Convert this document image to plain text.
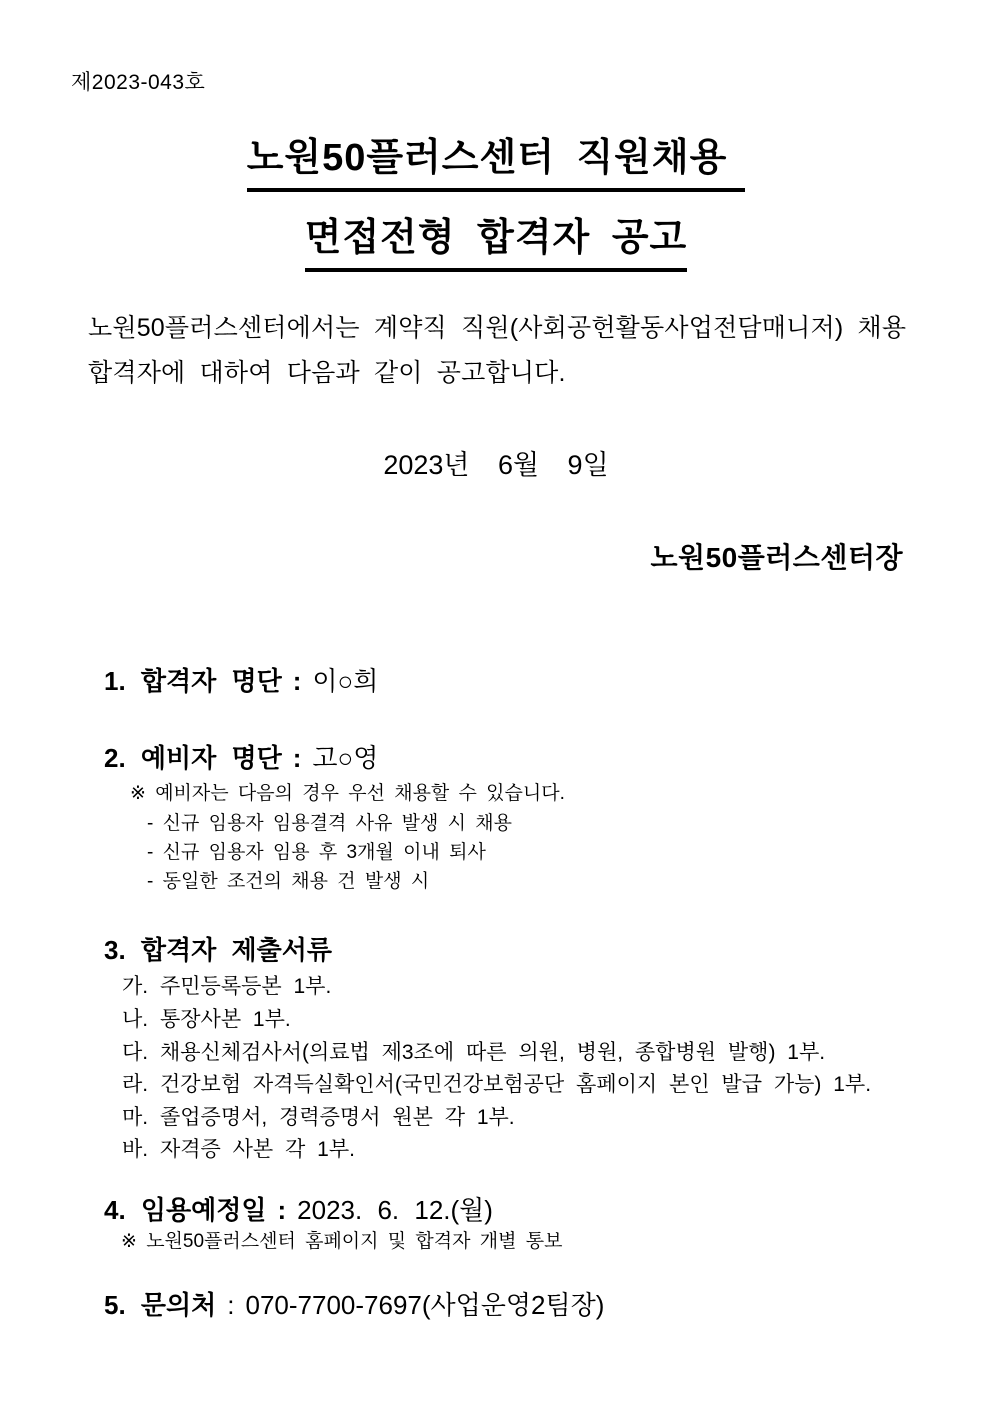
제2023-043호
노원50플러스센터 직원채용
면접전형 합격자 공고
노원50플러스센터에서는 계약직 직원(사회공헌활동사업전담매니저) 채용
합격자에 대하여 다음과 같이 공고합니다.
2023년 6월 9일
노원50플러스센터장
1. 합격자 명단 : 이○희
2. 예비자 명단 : 고○영
※ 예비자는 다음의 경우 우선 채용할 수 있습니다.
- 신규 임용자 임용결격 사유 발생 시 채용
- 신규 임용자 임용 후 3개월 이내 퇴사
- 동일한 조건의 채용 건 발생 시
3. 합격자 제출서류
가. 주민등록등본 1부.
나. 통장사본 1부.
다. 채용신체검사서(의료법 제3조에 따른 의원, 병원, 종합병원 발행) 1부.
라. 건강보험 자격득실확인서(국민건강보험공단 홈페이지 본인 발급 가능) 1부.
마. 졸업증명서, 경력증명서 원본 각 1부.
바. 자격증 사본 각 1부.
4. 임용예정일 : 2023. 6. 12.(월)
※ 노원50플러스센터 홈페이지 및 합격자 개별 통보
5. 문의처 : 070-7700-7697(사업운영2팀장)
